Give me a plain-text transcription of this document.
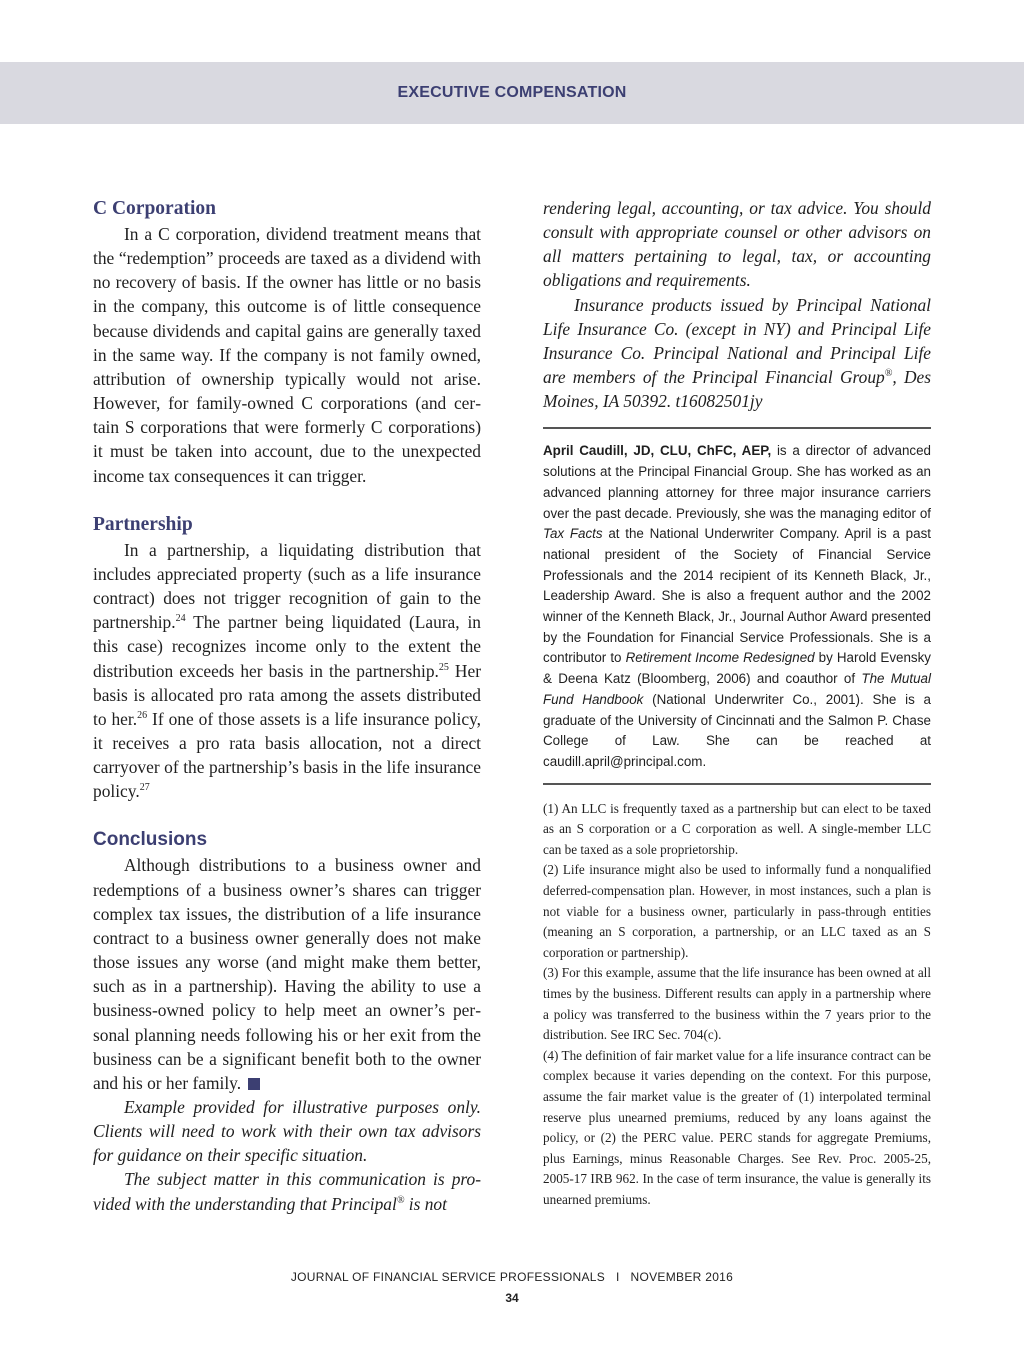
EXECUTIVE COMPENSATION
C Corporation

In a C corporation, dividend treatment means that the “redemption” proceeds are taxed as a dividend with no recovery of basis. If the owner has little or no basis in the company, this outcome is of little consequence because dividends and capital gains are generally taxed in the same way. If the company is not family owned, attribution of ownership typically would not arise. However, for family-owned C corporations (and certain S corporations that were formerly C corporations) it must be taken into account, due to the unexpected income tax consequences it can trigger.

Partnership

In a partnership, a liquidating distribution that includes appreciated property (such as a life insurance contract) does not trigger recognition of gain to the partnership.$^{24}$ The partner being liquidated (Laura, in this case) recognizes income only to the extent the distribution exceeds her basis in the partnership.$^{25}$ Her basis is allocated pro rata among the assets distributed to her.$^{26}$ If one of those assets is a life insurance policy, it receives a pro rata basis allocation, not a direct carryover of the partnership’s basis in the life insurance policy.$^{27}$

Conclusions

Although distributions to a business owner and redemptions of a business owner’s shares can trigger complex tax issues, the distribution of a life insurance contract to a business owner generally does not make those issues any worse (and might make them better, such as in a partnership). Having the ability to use a business-owned policy to help meet an owner’s personal planning needs following his or her exit from the business can be a significant benefit both to the owner and his or her family.

Example provided for illustrative purposes only. Clients will need to work with their own tax advisors for guidance on their specific situation.

The subject matter in this communication is provided with the understanding that Principal® is not

rendering legal, accounting, or tax advice. You should consult with appropriate counsel or other advisors on all matters pertaining to legal, tax, or accounting obligations and requirements.

Insurance products issued by Principal National Life Insurance Co. (except in NY) and Principal Life Insurance Co. Principal National and Principal Life are members of the Principal Financial Group®, Des Moines, IA 50392. t16082501jy

April Caudill, JD, CLU, ChFC, AEP, is a director of advanced solutions at the Principal Financial Group. She has worked as an advanced planning attorney for three major insurance carriers over the past decade. Previously, she was the managing editor of Tax Facts at the National Underwriter Company. April is a past national president of the Society of Financial Service Professionals and the 2014 recipient of its Kenneth Black, Jr., Leadership Award. She is also a frequent author and the 2002 winner of the Kenneth Black, Jr., Journal Author Award presented by the Foundation for Financial Service Professionals. She is a contributor to Retirement Income Redesigned by Harold Evensky & Deena Katz (Bloomberg, 2006) and coauthor of The Mutual Fund Handbook (National Underwriter Co., 2001). She is a graduate of the University of Cincinnati and the Salmon P. Chase College of Law. She can be reached at caudill.april@principal.com.

(1) An LLC is frequently taxed as a partnership but can elect to be taxed as an S corporation or a C corporation as well. A single-member LLC can be taxed as a sole proprietorship.

(2) Life insurance might also be used to informally fund a nonqualified deferred-compensation plan. However, in most instances, such a plan is not viable for a business owner, particularly in pass-through entities (meaning an S corporation, a partnership, or an LLC taxed as an S corporation or partnership).

(3) For this example, assume that the life insurance has been owned at all times by the business. Different results can apply in a partnership where a policy was transferred to the business within the 7 years prior to the distribution. See IRC Sec. 704(c).

(4) The definition of fair market value for a life insurance contract can be complex because it varies depending on the context. For this purpose, assume the fair market value is the greater of (1) interpolated terminal reserve plus unearned premiums, reduced by any loans against the policy, or (2) the PERC value. PERC stands for aggregate Premiums, plus Earnings, minus Reasonable Charges. See Rev. Proc. 2005-25, 2005-17 IRB 962. In the case of term insurance, the value is generally its unearned premiums.

JOURNAL OF FINANCIAL SERVICE PROFESSIONALS   I   NOVEMBER 2016
34
